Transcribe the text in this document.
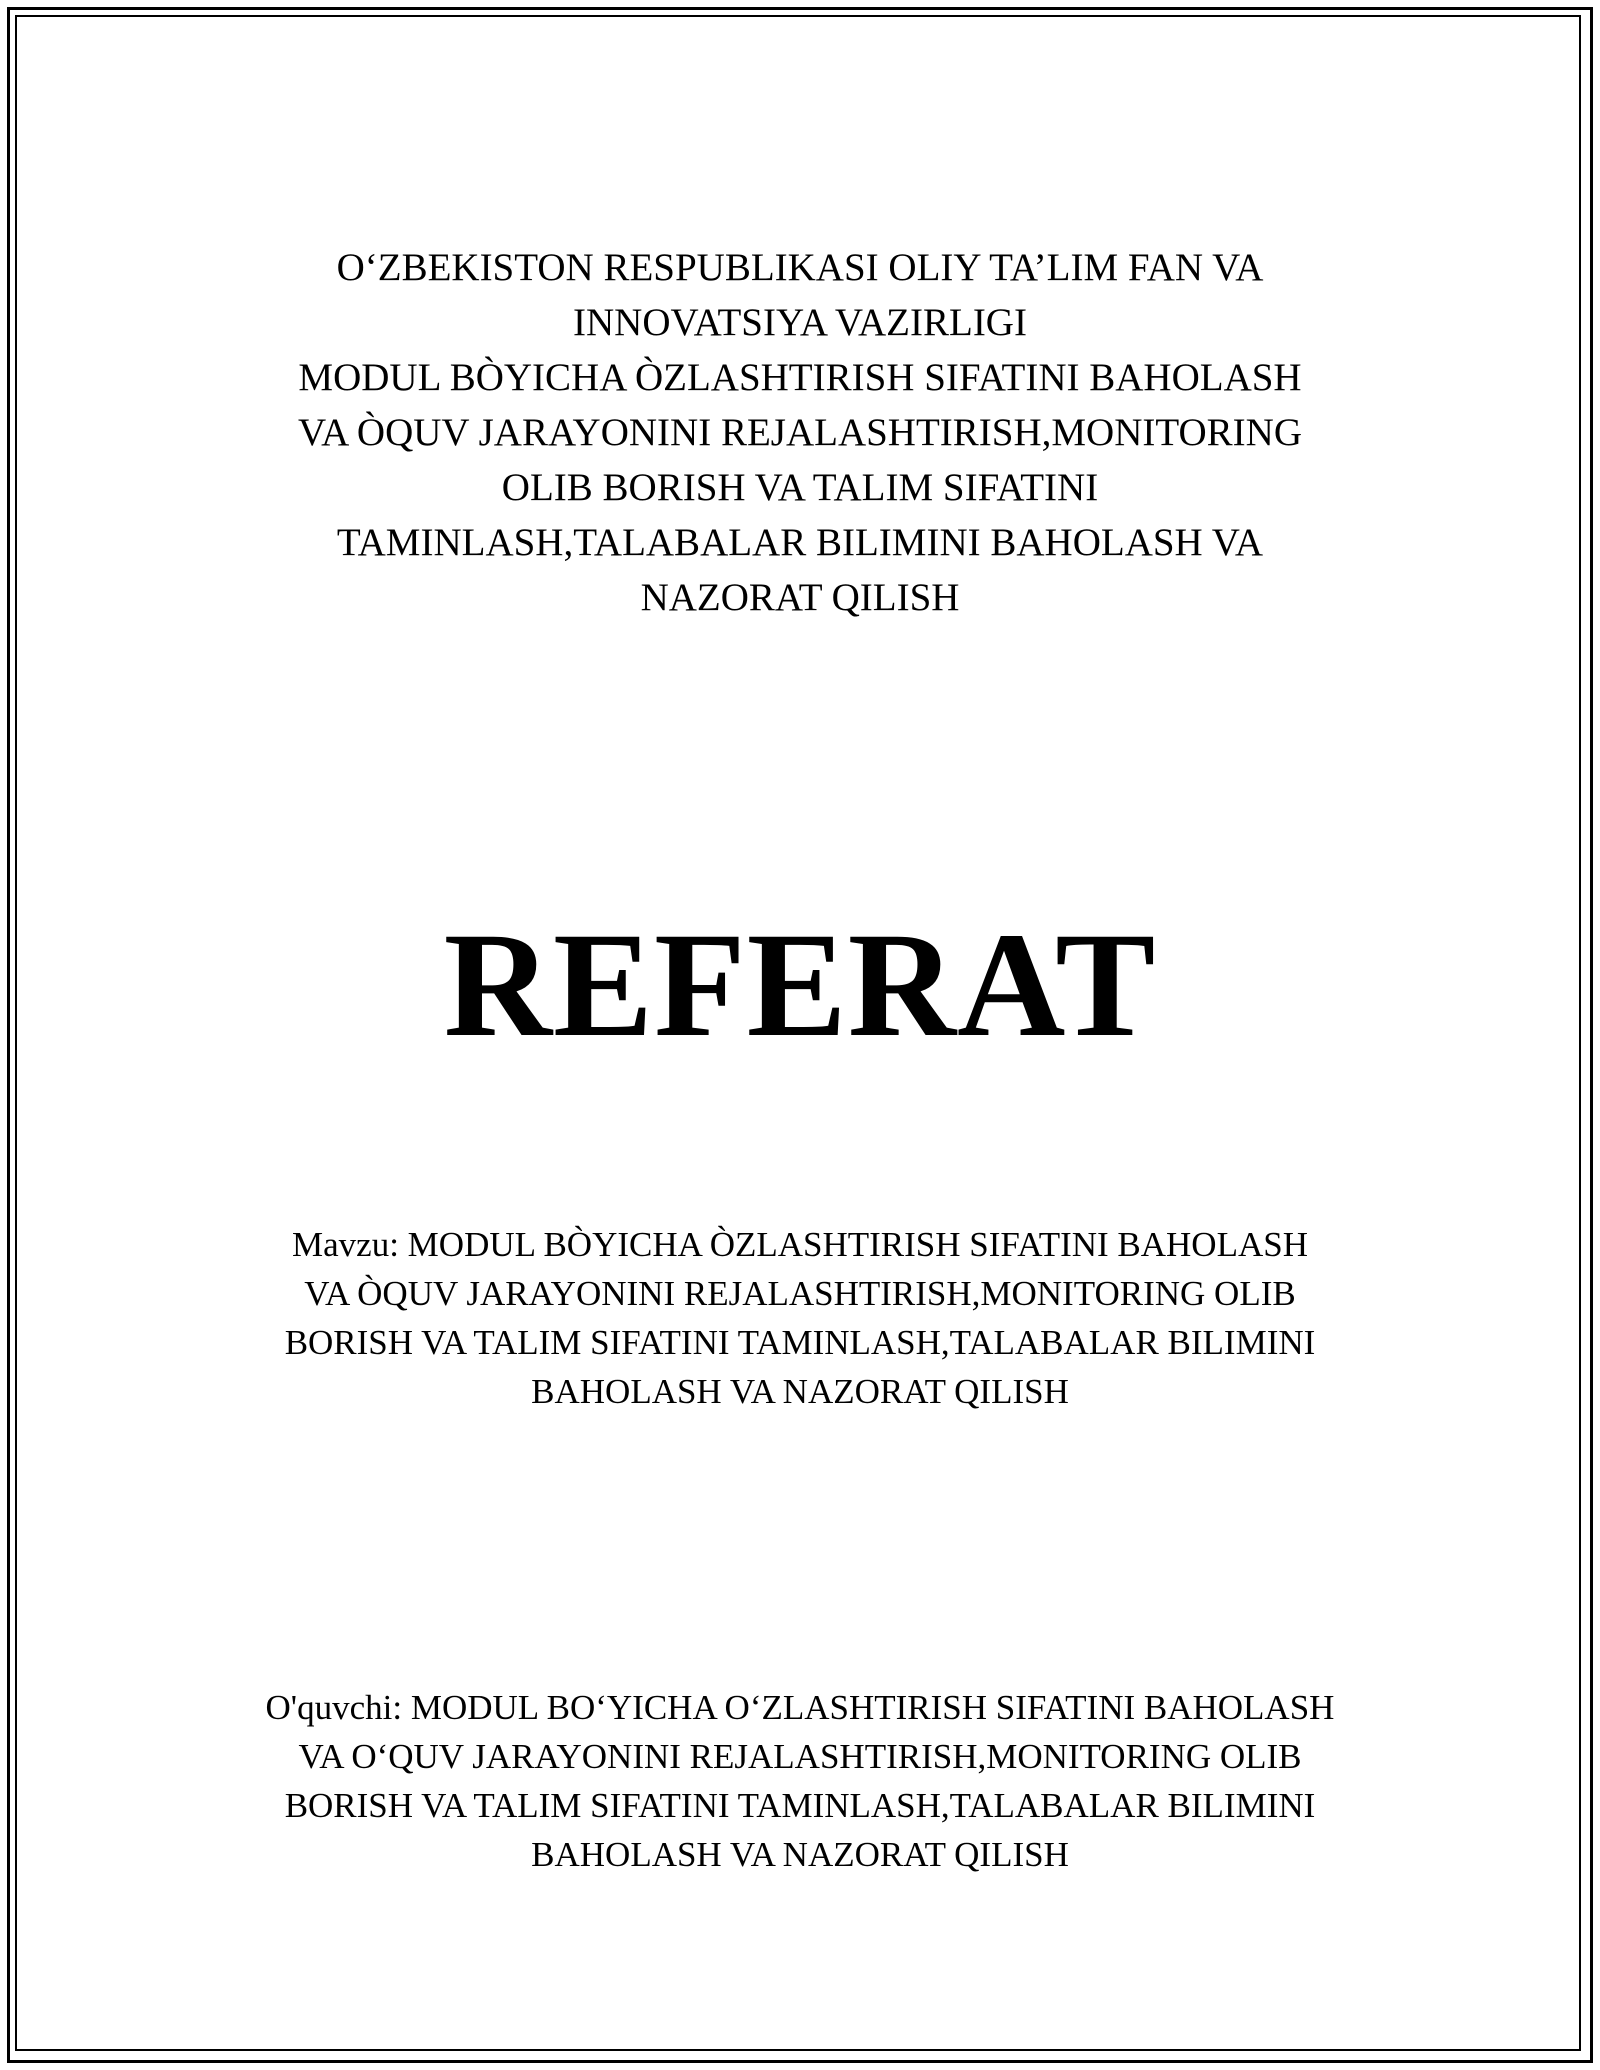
O‘ZBEKISTON RESPUBLIKASI OLIY TA’LIM FAN VA
INNOVATSIYA VAZIRLIGI
MODUL BÒYICHA ÒZLASHTIRISH SIFATINI BAHOLASH
VA ÒQUV JARAYONINI REJALASHTIRISH,MONITORING
OLIB BORISH VA TALIM SIFATINI
TAMINLASH,TALABALAR BILIMINI BAHOLASH VA
NAZORAT QILISH
REFERAT
Mavzu: MODUL BÒYICHA ÒZLASHTIRISH SIFATINI BAHOLASH
VA ÒQUV JARAYONINI REJALASHTIRISH,MONITORING OLIB
BORISH VA TALIM SIFATINI TAMINLASH,TALABALAR BILIMINI
BAHOLASH VA NAZORAT QILISH
O'quvchi: MODUL BO‘YICHA O‘ZLASHTIRISH SIFATINI BAHOLASH
VA O‘QUV JARAYONINI REJALASHTIRISH,MONITORING OLIB
BORISH VA TALIM SIFATINI TAMINLASH,TALABALAR BILIMINI
BAHOLASH VA NAZORAT QILISH
